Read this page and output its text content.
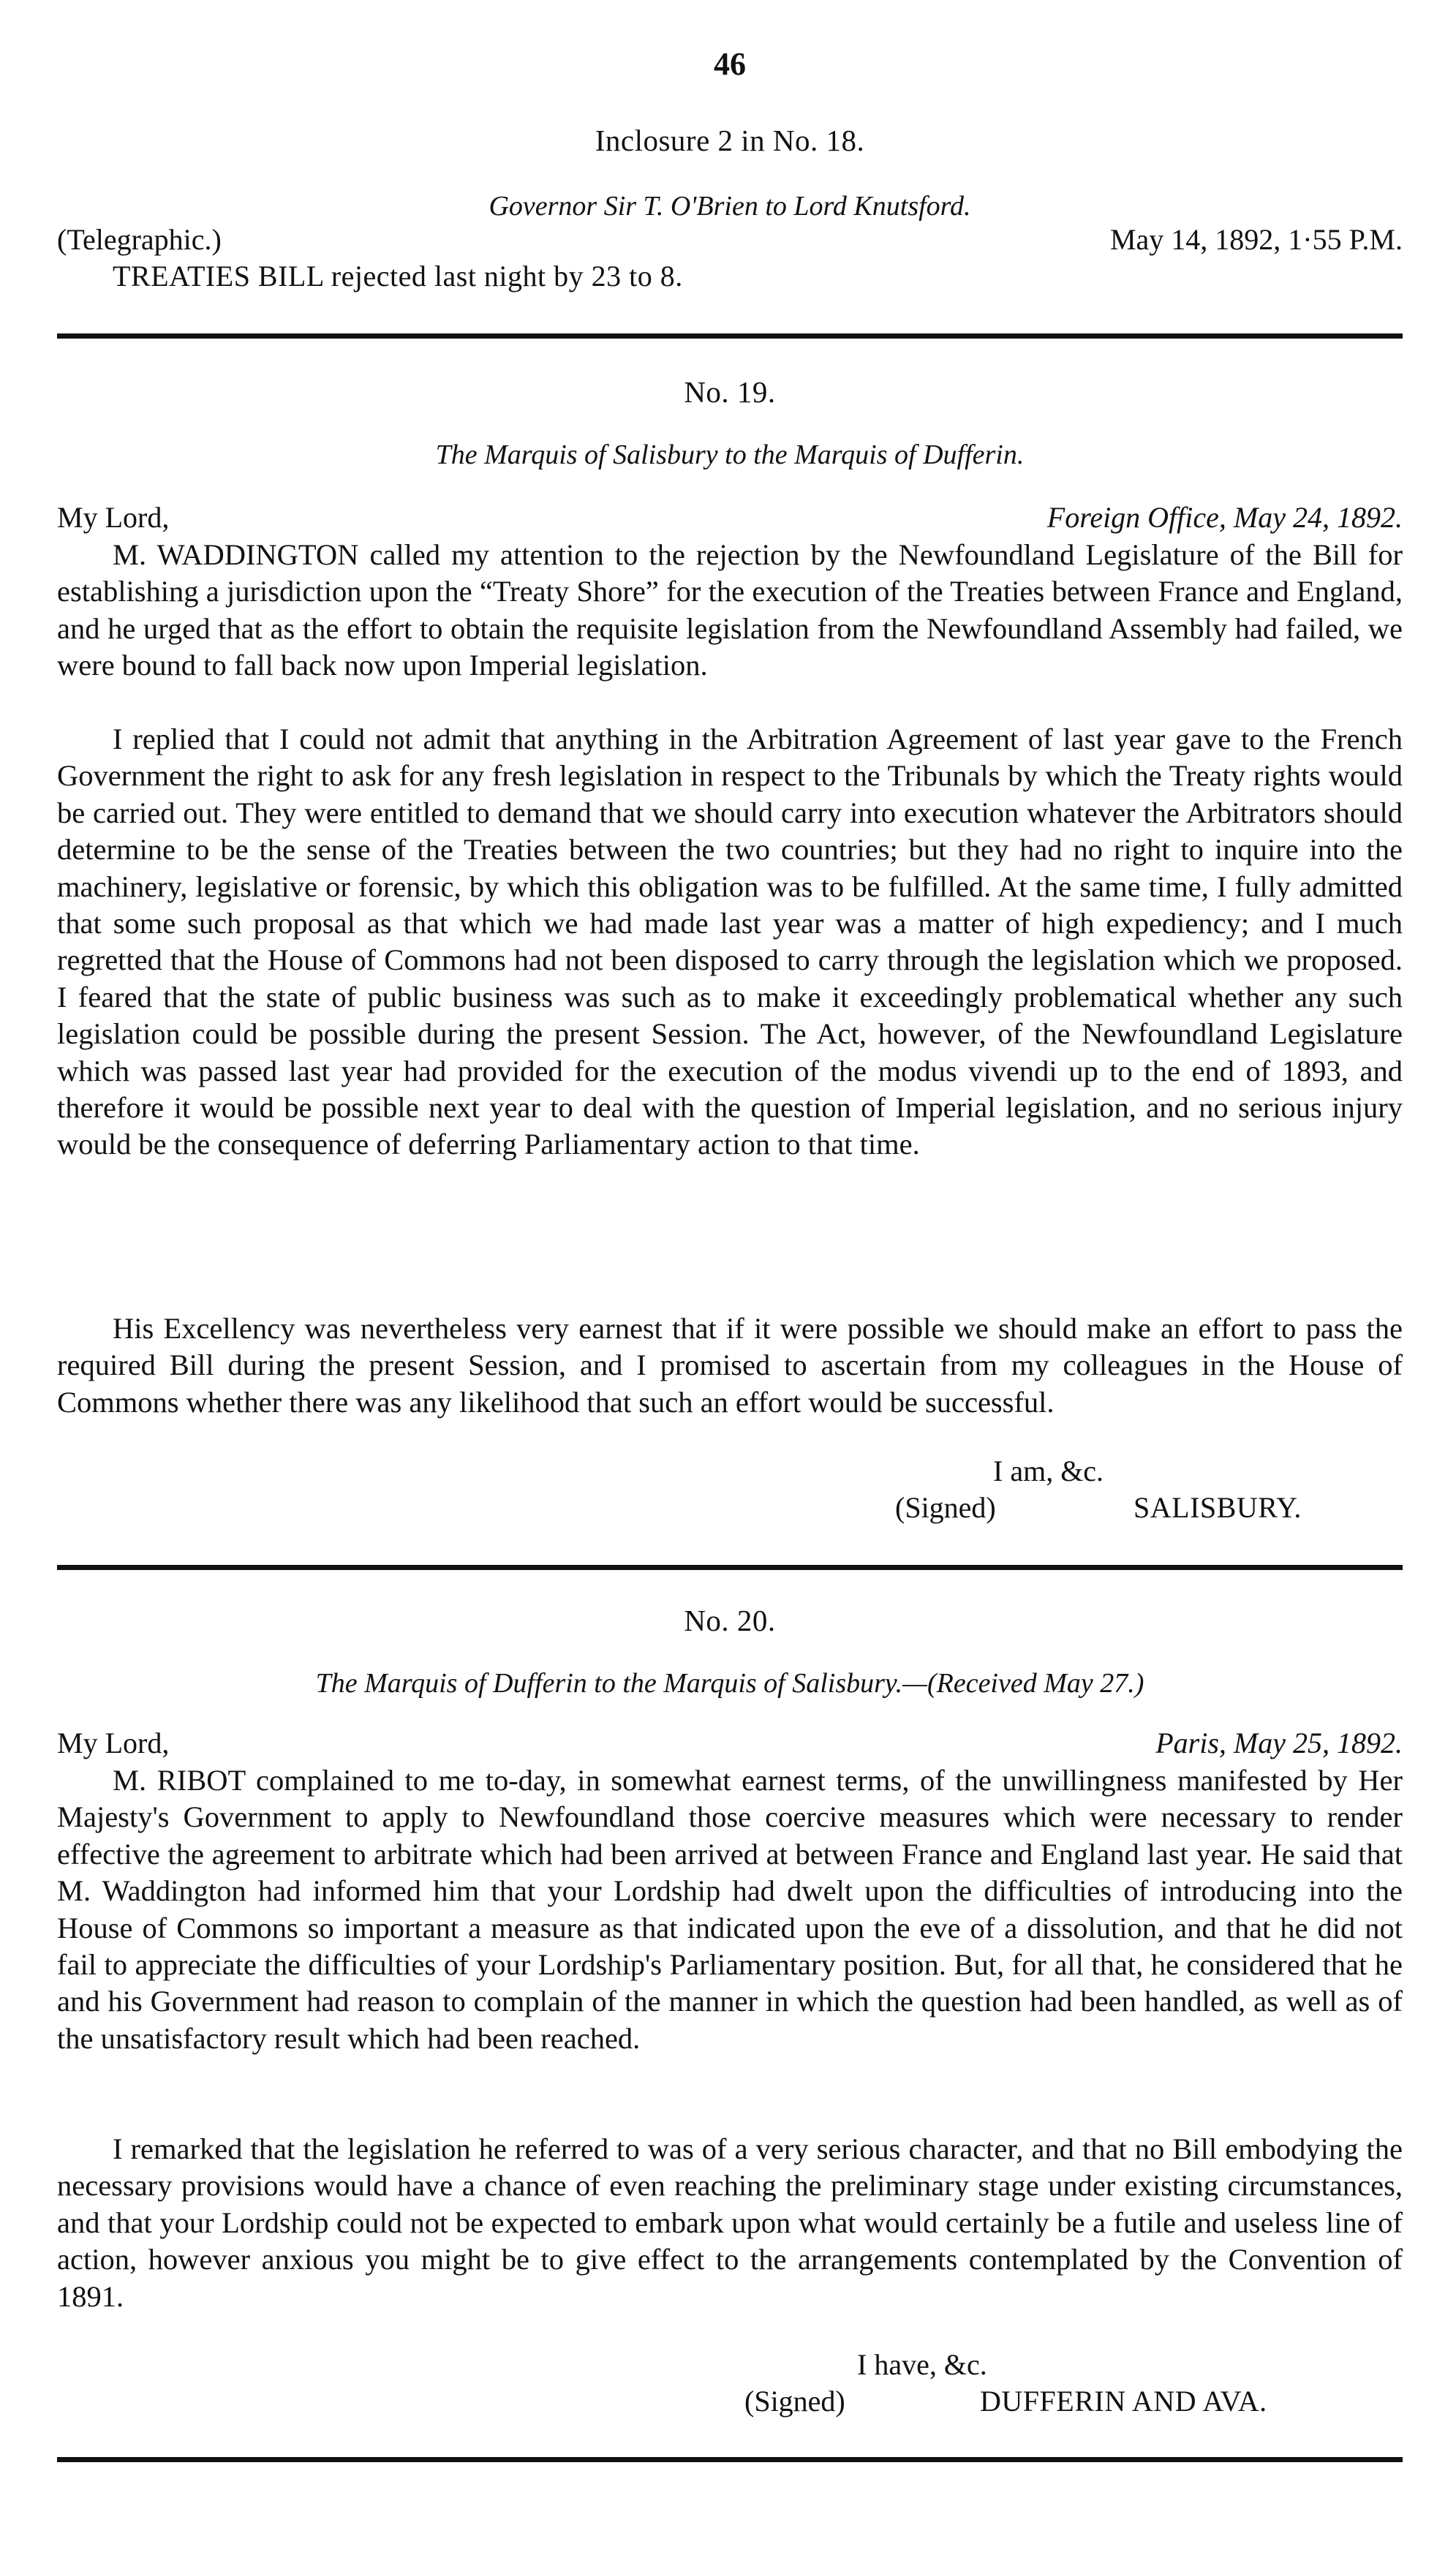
46
Inclosure 2 in No. 18.
Governor Sir T. O'Brien to Lord Knutsford.
(Telegraphic.)	May 14, 1892, 1·55 P.M.
TREATIES BILL rejected last night by 23 to 8.
No. 19.
The Marquis of Salisbury to the Marquis of Dufferin.
My Lord,	Foreign Office, May 24, 1892.
M. WADDINGTON called my attention to the rejection by the Newfoundland Legislature of the Bill for establishing a jurisdiction upon the “Treaty Shore” for the execution of the Treaties between France and England, and he urged that as the effort to obtain the requisite legislation from the Newfoundland Assembly had failed, we were bound to fall back now upon Imperial legislation.
I replied that I could not admit that anything in the Arbitration Agreement of last year gave to the French Government the right to ask for any fresh legislation in respect to the Tribunals by which the Treaty rights would be carried out. They were entitled to demand that we should carry into execution whatever the Arbitrators should determine to be the sense of the Treaties between the two countries; but they had no right to inquire into the machinery, legislative or forensic, by which this obligation was to be fulfilled. At the same time, I fully admitted that some such proposal as that which we had made last year was a matter of high expediency; and I much regretted that the House of Commons had not been disposed to carry through the legislation which we proposed. I feared that the state of public business was such as to make it exceedingly problematical whether any such legislation could be possible during the present Session. The Act, however, of the Newfoundland Legislature which was passed last year had provided for the execution of the modus vivendi up to the end of 1893, and therefore it would be possible next year to deal with the question of Imperial legislation, and no serious injury would be the consequence of deferring Parliamentary action to that time.
His Excellency was nevertheless very earnest that if it were possible we should make an effort to pass the required Bill during the present Session, and I promised to ascertain from my colleagues in the House of Commons whether there was any likelihood that such an effort would be successful.
I am, &c.
(Signed)	SALISBURY.
No. 20.
The Marquis of Dufferin to the Marquis of Salisbury.—(Received May 27.)
My Lord,	Paris, May 25, 1892.
M. RIBOT complained to me to-day, in somewhat earnest terms, of the unwillingness manifested by Her Majesty's Government to apply to Newfoundland those coercive measures which were necessary to render effective the agreement to arbitrate which had been arrived at between France and England last year. He said that M. Waddington had informed him that your Lordship had dwelt upon the difficulties of introducing into the House of Commons so important a measure as that indicated upon the eve of a dissolution, and that he did not fail to appreciate the difficulties of your Lordship's Parliamentary position. But, for all that, he considered that he and his Government had reason to complain of the manner in which the question had been handled, as well as of the unsatisfactory result which had been reached.
I remarked that the legislation he referred to was of a very serious character, and that no Bill embodying the necessary provisions would have a chance of even reaching the preliminary stage under existing circumstances, and that your Lordship could not be expected to embark upon what would certainly be a futile and useless line of action, however anxious you might be to give effect to the arrangements contemplated by the Convention of 1891.
I have, &c.
(Signed)	DUFFERIN AND AVA.
